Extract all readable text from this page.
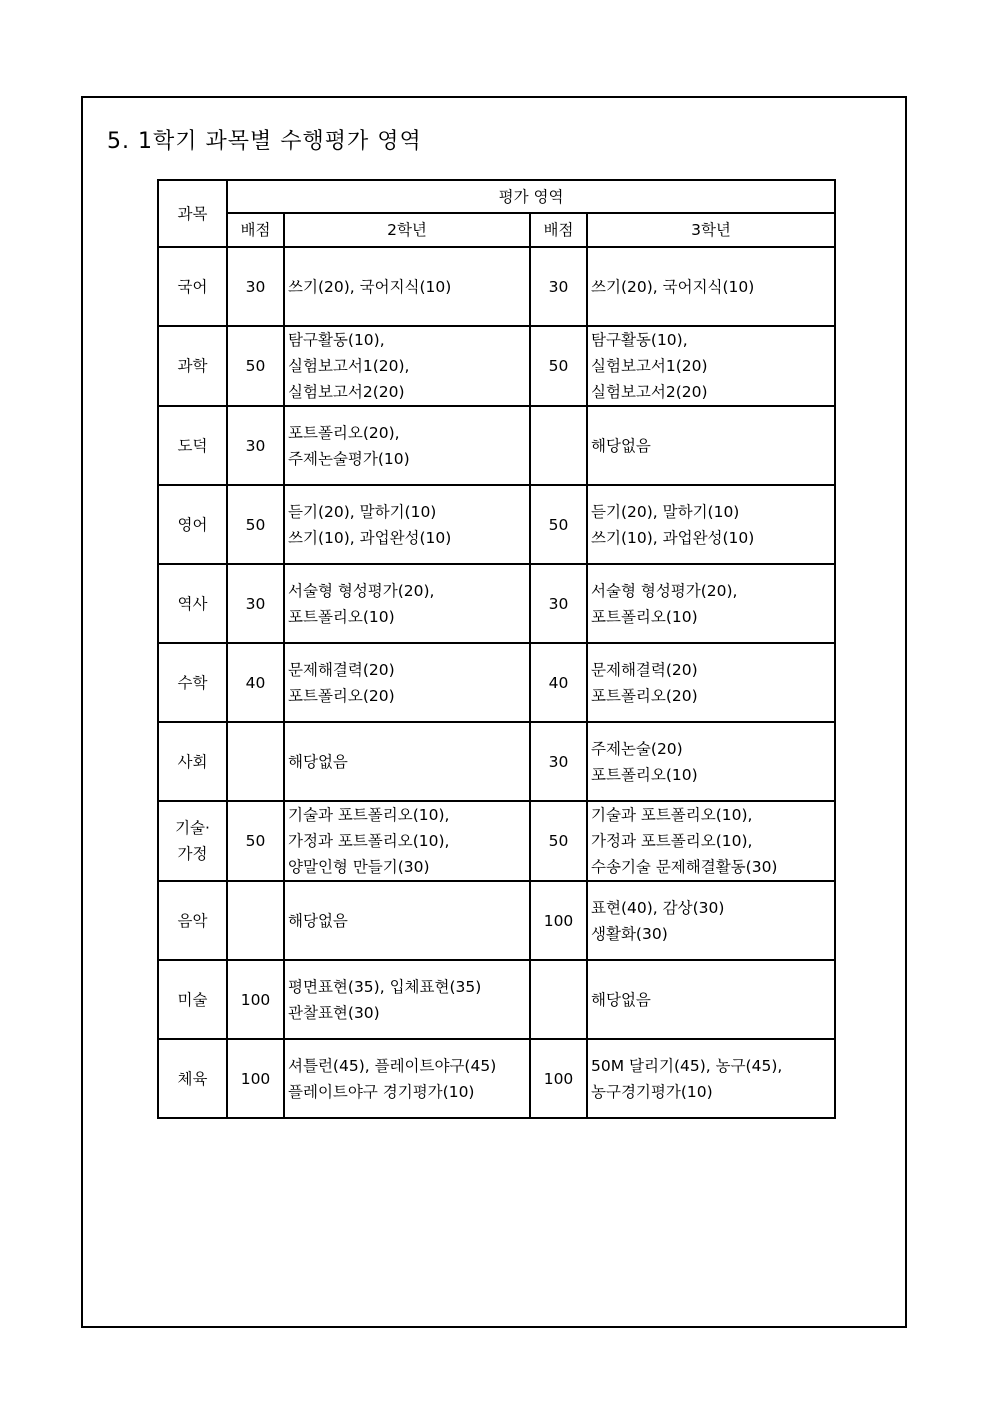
5. 1학기 과목별 수행평가 영역
과목	평가 영역			
	배점	2학년	배점	3학년

국어	30	쓰기(20), 국어지식(10)	30	쓰기(20), 국어지식(10)

과학	50	탐구활동(10),
실험보고서1(20),
실험보고서2(20)	50	탐구활동(10),
실험보고서1(20)
실험보고서2(20)

도덕	30	포트폴리오(20),
주제논술평가(10)		해당없음

영어	50	듣기(20), 말하기(10)
쓰기(10), 과업완성(10)	50	듣기(20), 말하기(10)
쓰기(10), 과업완성(10)

역사	30	서술형 형성평가(20),
포트폴리오(10)	30	서술형 형성평가(20),
포트폴리오(10)

수학	40	문제해결력(20)
포트폴리오(20)	40	문제해결력(20)
포트폴리오(20)

사회		해당없음	30	주제논술(20)
포트폴리오(10)

기술·
가정	50	기술과 포트폴리오(10),
가정과 포트폴리오(10),
양말인형 만들기(30)	50	기술과 포트폴리오(10),
가정과 포트폴리오(10),
수송기술 문제해결활동(30)

음악		해당없음	100	표현(40), 감상(30)
생활화(30)

미술	100	평면표현(35), 입체표현(35)
관찰표현(30)		해당없음

체육	100	셔틀런(45), 플레이트야구(45)
플레이트야구 경기평가(10)	100	50M 달리기(45), 농구(45),
농구경기평가(10)
